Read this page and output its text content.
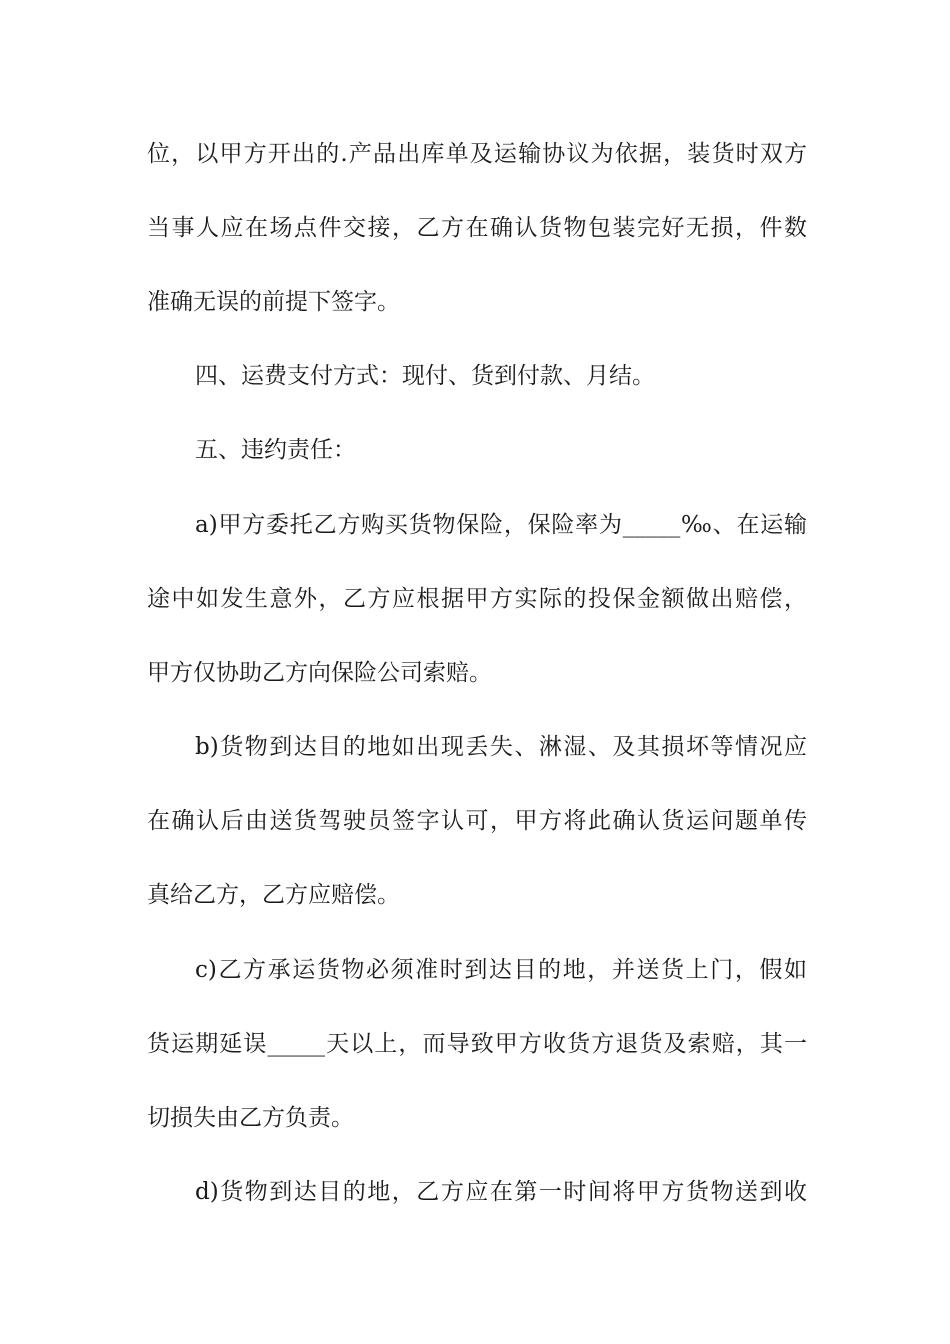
位，以甲方开出的.产品出库单及运输协议为依据，装货时双方
当事人应在场点件交接，乙方在确认货物包装完好无损，件数
准确无误的前提下签字。
四、运费支付方式：现付、货到付款、月结。
五、违约责任：
a)甲方委托乙方购买货物保险，保险率为_____‰、在运输
途中如发生意外，乙方应根据甲方实际的投保金额做出赔偿，
甲方仅协助乙方向保险公司索赔。
b)货物到达目的地如出现丢失、淋湿、及其损坏等情况应
在确认后由送货驾驶员签字认可，甲方将此确认货运问题单传
真给乙方，乙方应赔偿。
c)乙方承运货物必须准时到达目的地，并送货上门，假如
货运期延误_____天以上，而导致甲方收货方退货及索赔，其一
切损失由乙方负责。
d)货物到达目的地，乙方应在第一时间将甲方货物送到收
